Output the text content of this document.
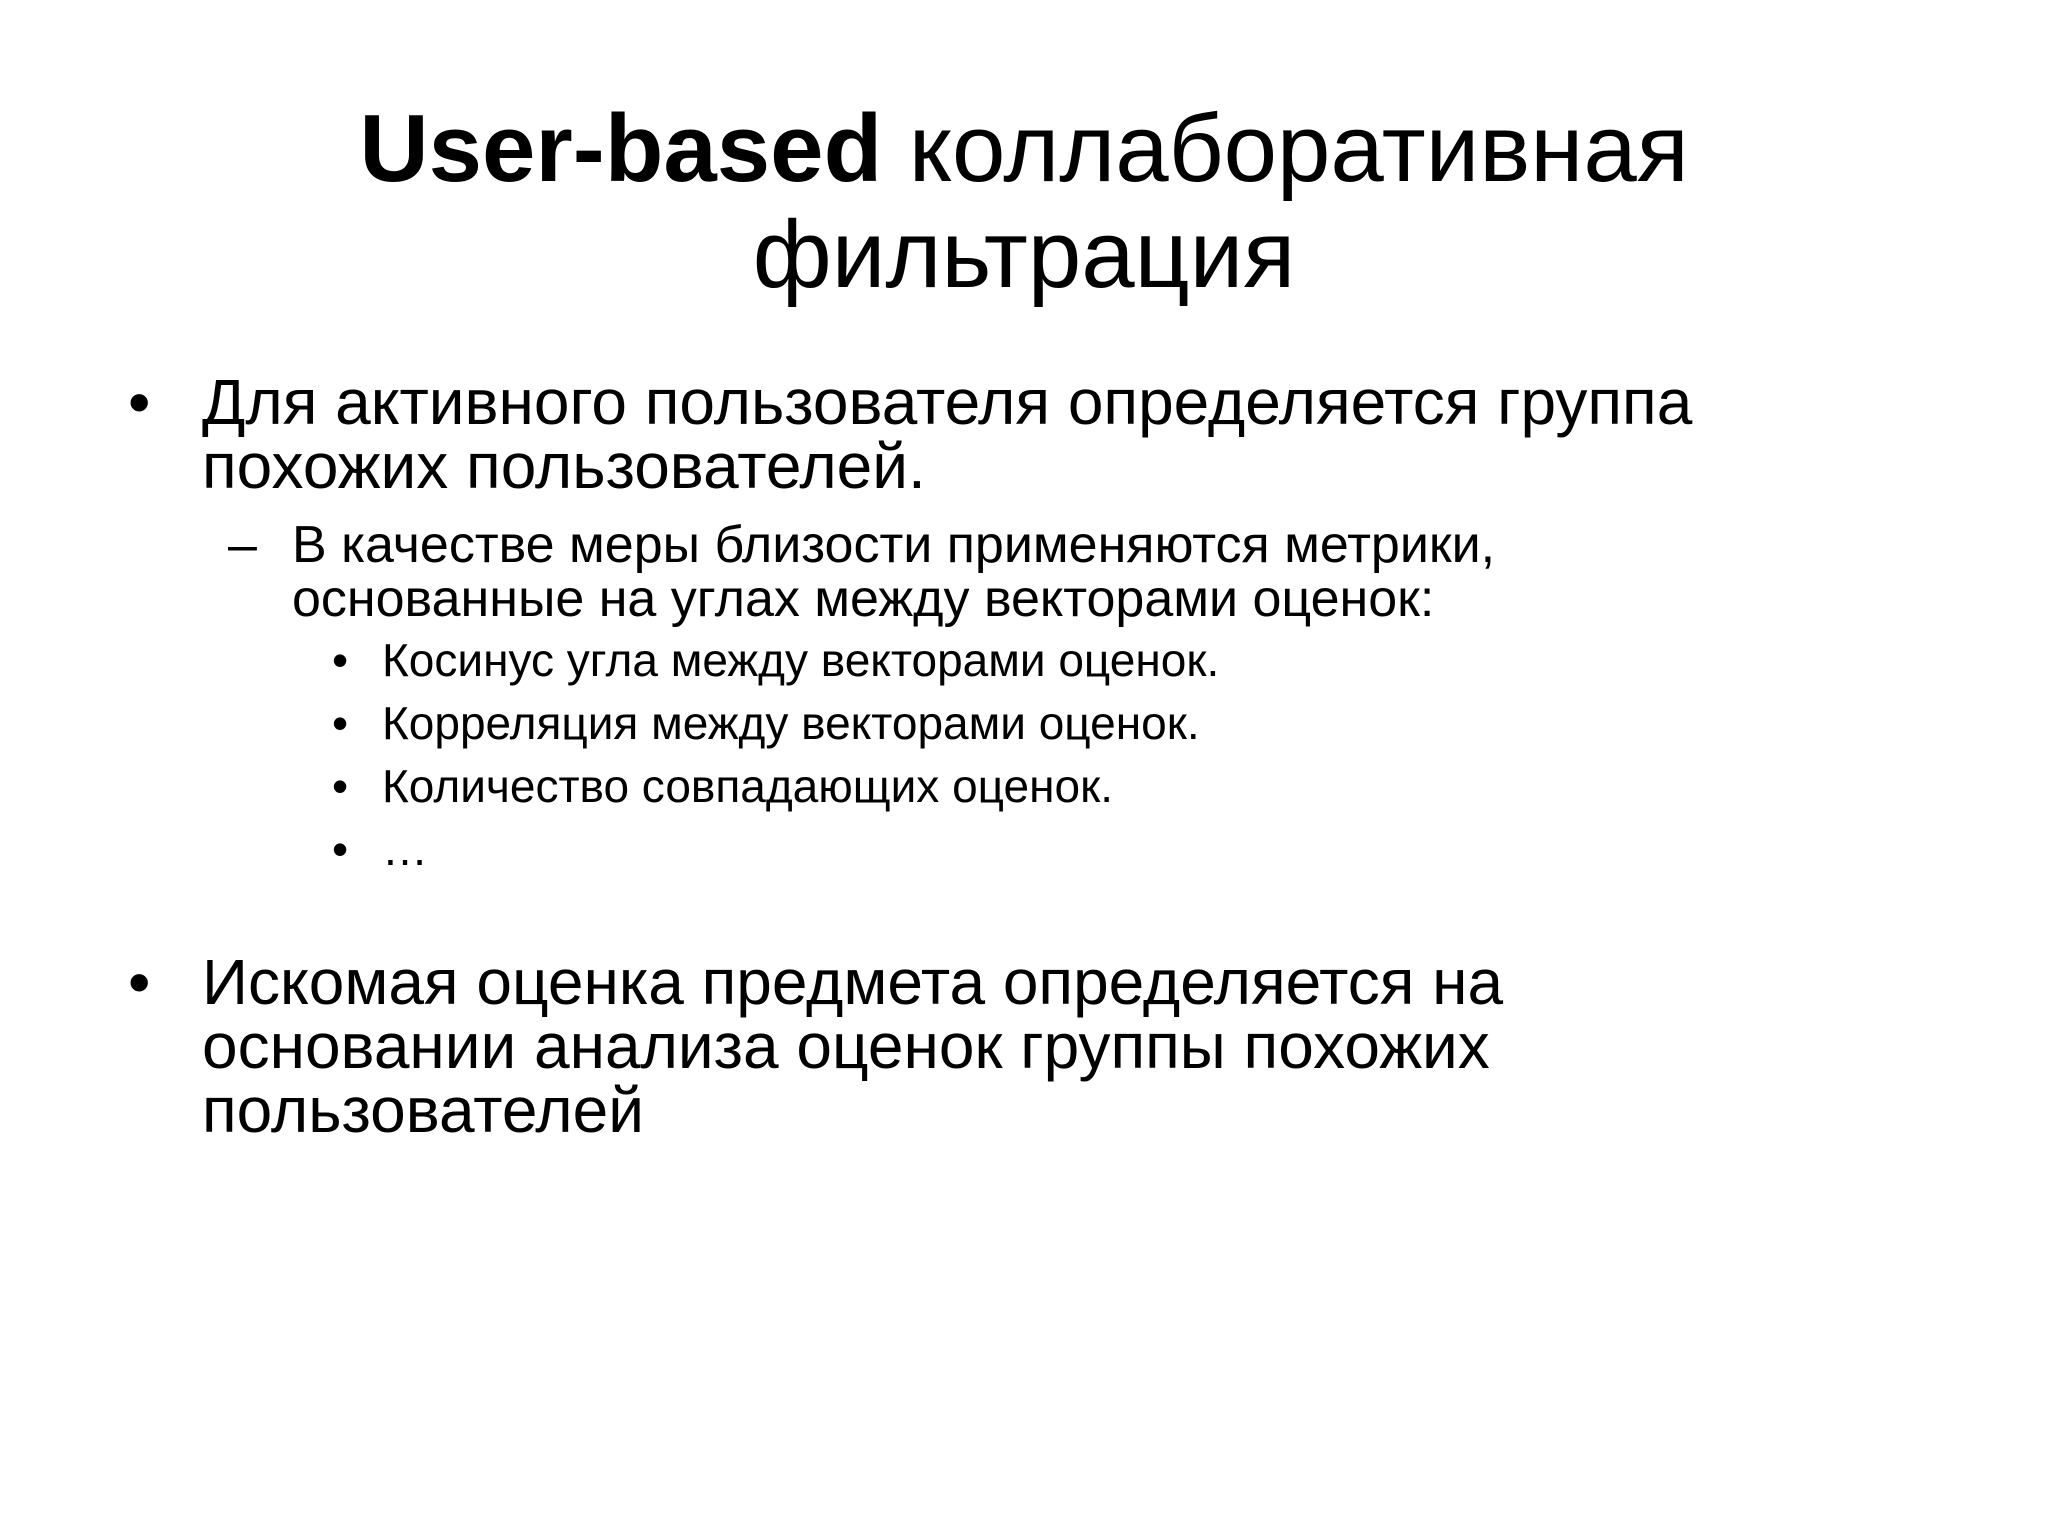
User-based коллаборативная
фильтрация
• Для активного пользователя определяется группа
похожих пользователей.
– В качестве меры близости применяются метрики,
основанные на углах между векторами оценок:
• Косинус угла между векторами оценок.
• Корреляция между векторами оценок.
• Количество совпадающих оценок.
• …
• Искомая оценка предмета определяется на
основании анализа оценок группы похожих
пользователей
